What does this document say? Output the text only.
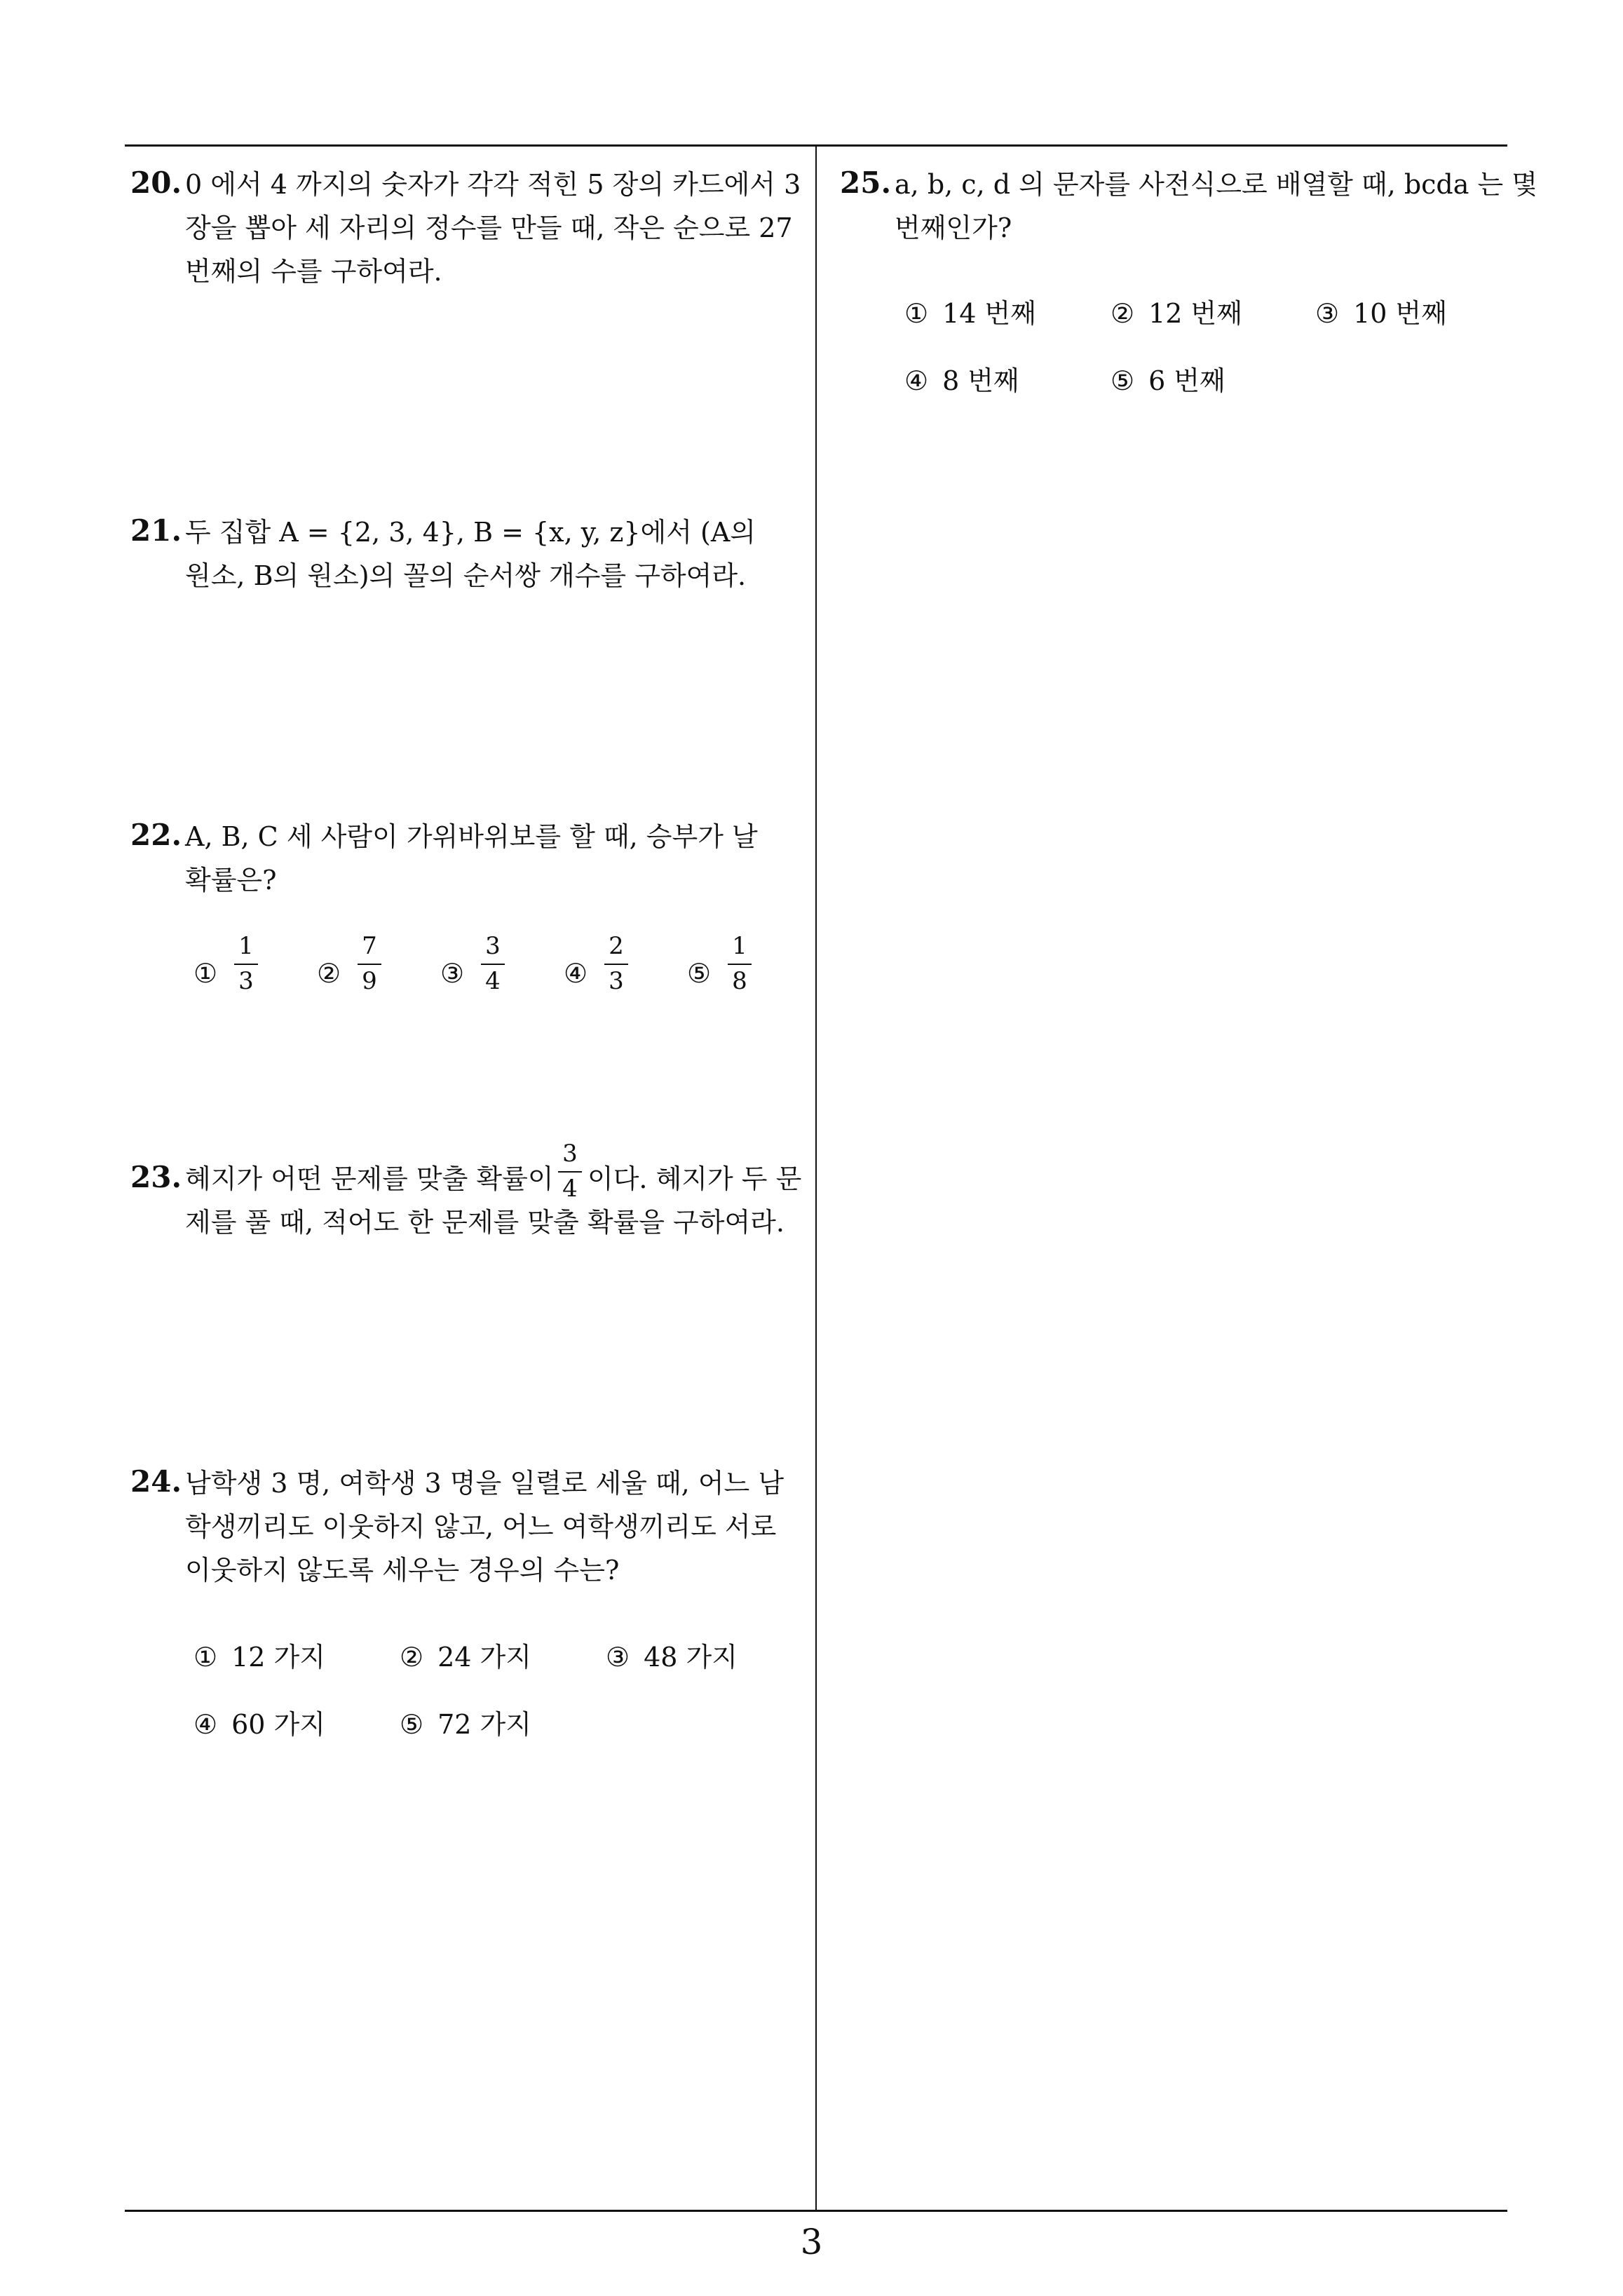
20. 0 에서 4 까지의 숫자가 각각 적힌 5 장의 카드에서 3
장을 뽑아 세 자리의 정수를 만들 때, 작은 순으로 27
번째의 수를 구하여라.
21. 두 집합 A = {2, 3, 4}, B = {x, y, z}에서 (A의
원소, B의 원소)의 꼴의 순서쌍 개수를 구하여라.
22. A, B, C 세 사람이 가위바위보를 할 때, 승부가 날
확률은?
①
1
3 ②
7
9 ③
3
4 ④
2
3 ⑤
1
8
23. 혜지가 어떤 문제를 맞출 확률이 이다. 혜지가 두 문
제를 풀 때, 적어도 한 문제를 맞출 확률을 구하여라.
3
4
24. 남학생 3 명, 여학생 3 명을 일렬로 세울 때, 어느 남
학생끼리도 이웃하지 않고, 어느 여학생끼리도 서로
이웃하지 않도록 세우는 경우의 수는?
① 12 가지	② 24 가지	③ 48 가지
④ 60 가지	⑤ 72 가지
25. a, b, c, d 의 문자를 사전식으로 배열할 때, bcda 는 몇
번째인가?
① 14 번째	② 12 번째	③ 10 번째
④ 8 번째	⑤ 6 번째
3
